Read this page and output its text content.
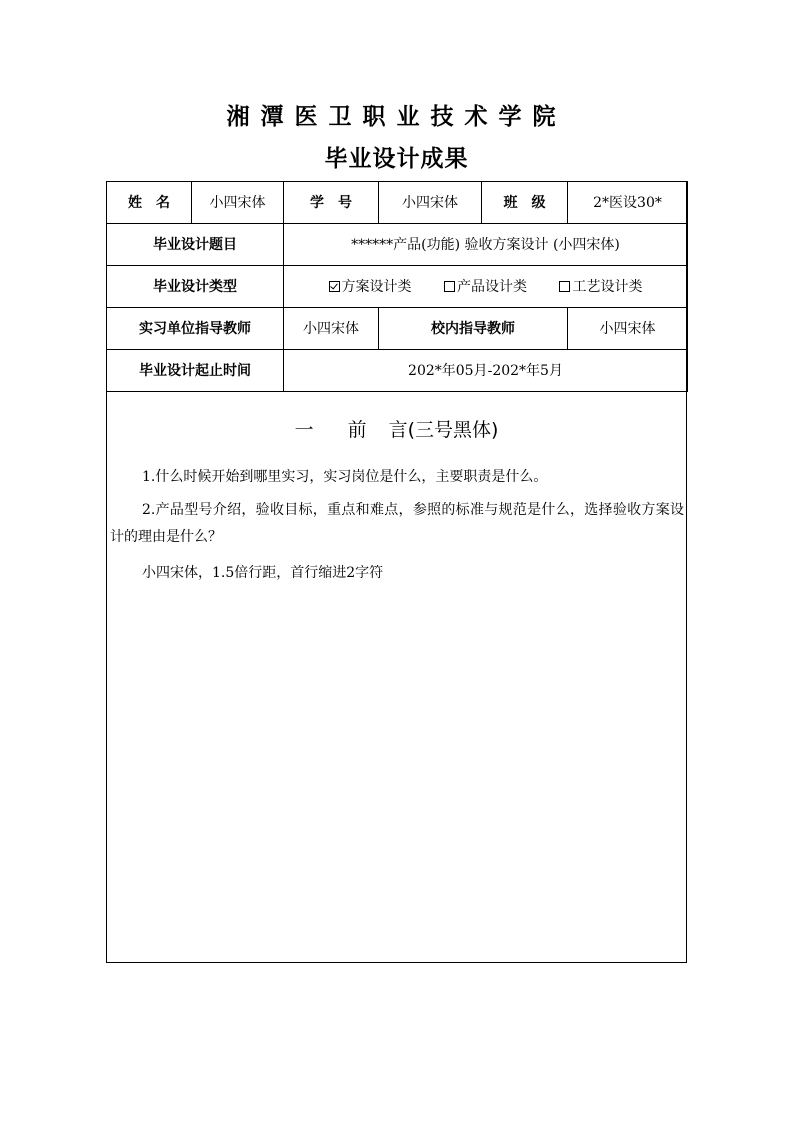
湘潭医卫职业技术学院
毕业设计成果
姓名	小四宋体	学号	小四宋体	班级	2*医设30*
毕业设计题目		******产品(功能) 验收方案设计 (小四宋体)			
毕业设计类型		方案设计类 产品设计类 工艺设计类			
实习单位指导教师		小四宋体	校内指导教师		小四宋体
毕业设计起止时间		202*年05月-202*年5月			
一 前 言(三号黑体)
1.什么时候开始到哪里实习，实习岗位是什么，主要职责是什么。
2.产品型号介绍，验收目标，重点和难点，参照的标准与规范是什么，选择验收方案设计的理由是什么？
小四宋体，1.5倍行距，首行缩进2字符
